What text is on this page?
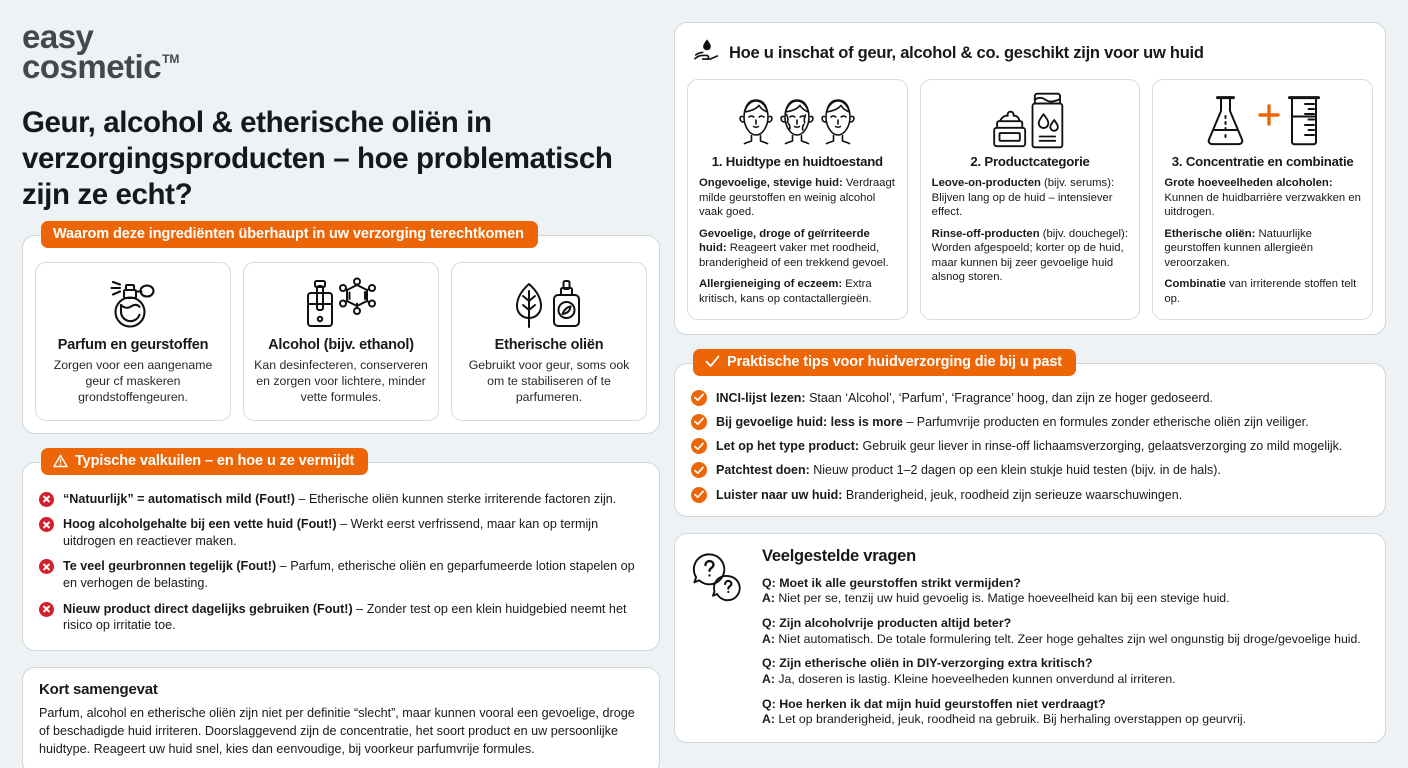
easy
cosmetic™
Geur, alcohol & etherische oliën in verzorgingsproducten – hoe problematisch zijn ze echt?
Waarom deze ingrediënten überhaupt in uw verzorging terechtkomen
Parfum en geurstoffen
Zorgen voor een aangename geur cf maskeren grondstoffengeuren.
Alcohol (bijv. ethanol)
Kan desinfecteren, conserveren en zorgen voor lichtere, minder vette formules.
Etherische oliën
Gebruikt voor geur, soms ook om te stabiliseren of te parfumeren.
Typische valkuilen – en hoe u ze vermijdt
“Natuurlijk” = automatisch mild (Fout!) – Etherische oliën kunnen sterke irriterende factoren zijn.
Hoog alcoholgehalte bij een vette huid (Fout!) – Werkt eerst verfrissend, maar kan op termijn uitdrogen en reactiever maken.
Te veel geurbronnen tegelijk (Fout!) – Parfum, etherische oliën en geparfumeerde lotion stapelen op en verhogen de belasting.
Nieuw product direct dagelijks gebruiken (Fout!) – Zonder test op een klein huidgebied neemt het risico op irritatie toe.
Kort samengevat

Parfum, alcohol en etherische oliën zijn niet per definitie “slecht”, maar kunnen vooral een gevoelige, droge of beschadigde huid irriteren. Doorslaggevend zijn de concentratie, het soort product en uw persoonlijke huidtype. Reageert uw huid snel, kies dan eenvoudige, bij voorkeur parfumvrije formules.

Hoe u inschat of geur, alcohol & co. geschikt zijn voor uw huid
1. Huidtype en huidtoestand

Ongevoelige, stevige huid: Verdraagt milde geurstoffen en weinig alcohol vaak goed.

Gevoelige, droge of geïrriteerde huid: Reageert vaker met roodheid, branderigheid of een trekkend gevoel.

Allergieneiging of eczeem: Extra kritisch, kans op contactallergieën.

2. Productcategorie

Leove-on-producten (bijv. serums): Blijven lang op de huid – intensiever effect.

Rinse-off-producten (bijv. douchegel): Worden afgespoeld; korter op de huid, maar kunnen bij zeer gevoelige huid alsnog storen.

3. Concentratie en combinatie

Grote hoeveelheden alcoholen: Kunnen de huidbarrière verzwakken en uitdrogen.

Etherische oliën: Natuurlijke geurstoffen kunnen allergieën veroorzaken.

Combinatie van irriterende stoffen telt op.

Praktische tips voor huidverzorging die bij u past
INCI-lijst lezen: Staan ‘Alcohol’, ‘Parfum’, ‘Fragrance’ hoog, dan zijn ze hoger gedoseerd.
Bij gevoelige huid: less is more – Parfumvrije producten en formules zonder etherische oliën zijn veiliger.
Let op het type product: Gebruik geur liever in rinse-off lichaamsverzorging, gelaatsverzorging zo mild mogelijk.
Patchtest doen: Nieuw product 1–2 dagen op een klein stukje huid testen (bijv. in de hals).
Luister naar uw huid: Branderigheid, jeuk, roodheid zijn serieuze waarschuwingen.
Veelgestelde vragen
Q: Moet ik alle geurstoffen strikt vermijden?
A: Niet per se, tenzij uw huid gevoelig is. Matige hoeveelheid kan bij een stevige huid.
Q: Zijn alcoholvrije producten altijd beter?
A: Niet automatisch. De totale formulering telt. Zeer hoge gehaltes zijn wel ongunstig bij droge/gevoelige huid.
Q: Zijn etherische oliën in DIY-verzorging extra kritisch?
A: Ja, doseren is lastig. Kleine hoeveelheden kunnen onverdund al irriteren.
Q: Hoe herken ik dat mijn huid geurstoffen niet verdraagt?
A: Let op branderigheid, jeuk, roodheid na gebruik. Bij herhaling overstappen op geurvrij.
